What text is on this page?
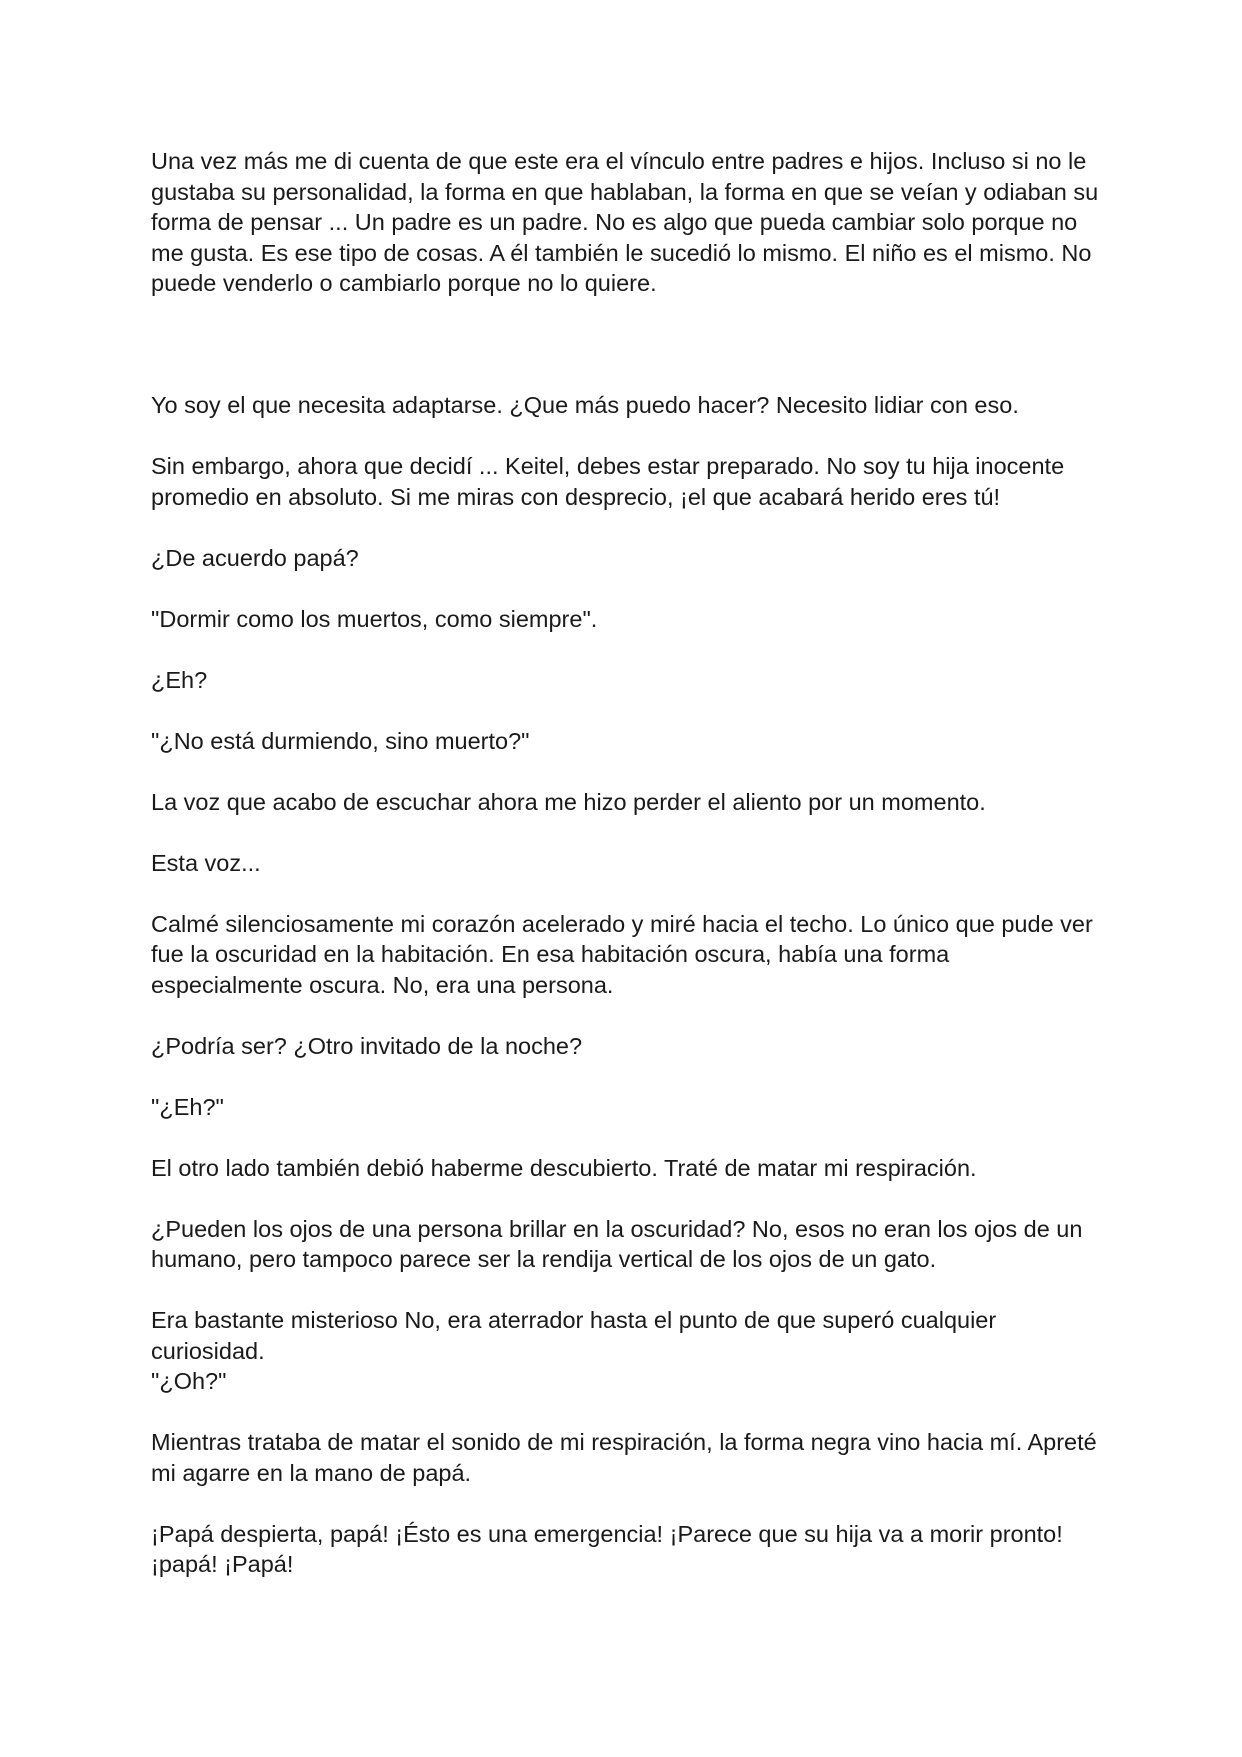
Una vez más me di cuenta de que este era el vínculo entre padres e hijos. Incluso si no le gustaba su personalidad, la forma en que hablaban, la forma en que se veían y odiaban su forma de pensar ... Un padre es un padre. No es algo que pueda cambiar solo porque no me gusta. Es ese tipo de cosas. A él también le sucedió lo mismo. El niño es el mismo. No puede venderlo o cambiarlo porque no lo quiere.

Yo soy el que necesita adaptarse. ¿Que más puedo hacer? Necesito lidiar con eso.

Sin embargo, ahora que decidí ... Keitel, debes estar preparado. No soy tu hija inocente promedio en absoluto. Si me miras con desprecio, ¡el que acabará herido eres tú!

¿De acuerdo papá?

"Dormir como los muertos, como siempre".

¿Eh?

"¿No está durmiendo, sino muerto?"

La voz que acabo de escuchar ahora me hizo perder el aliento por un momento.

Esta voz...

Calmé silenciosamente mi corazón acelerado y miré hacia el techo. Lo único que pude ver fue la oscuridad en la habitación. En esa habitación oscura, había una forma especialmente oscura. No, era una persona.

¿Podría ser? ¿Otro invitado de la noche?

"¿Eh?"

El otro lado también debió haberme descubierto. Traté de matar mi respiración.

¿Pueden los ojos de una persona brillar en la oscuridad? No, esos no eran los ojos de un humano, pero tampoco parece ser la rendija vertical de los ojos de un gato.

Era bastante misterioso No, era aterrador hasta el punto de que superó cualquier curiosidad.

"¿Oh?"

Mientras trataba de matar el sonido de mi respiración, la forma negra vino hacia mí. Apreté mi agarre en la mano de papá.

¡Papá despierta, papá! ¡Ésto es una emergencia! ¡Parece que su hija va a morir pronto! ¡papá! ¡Papá!
